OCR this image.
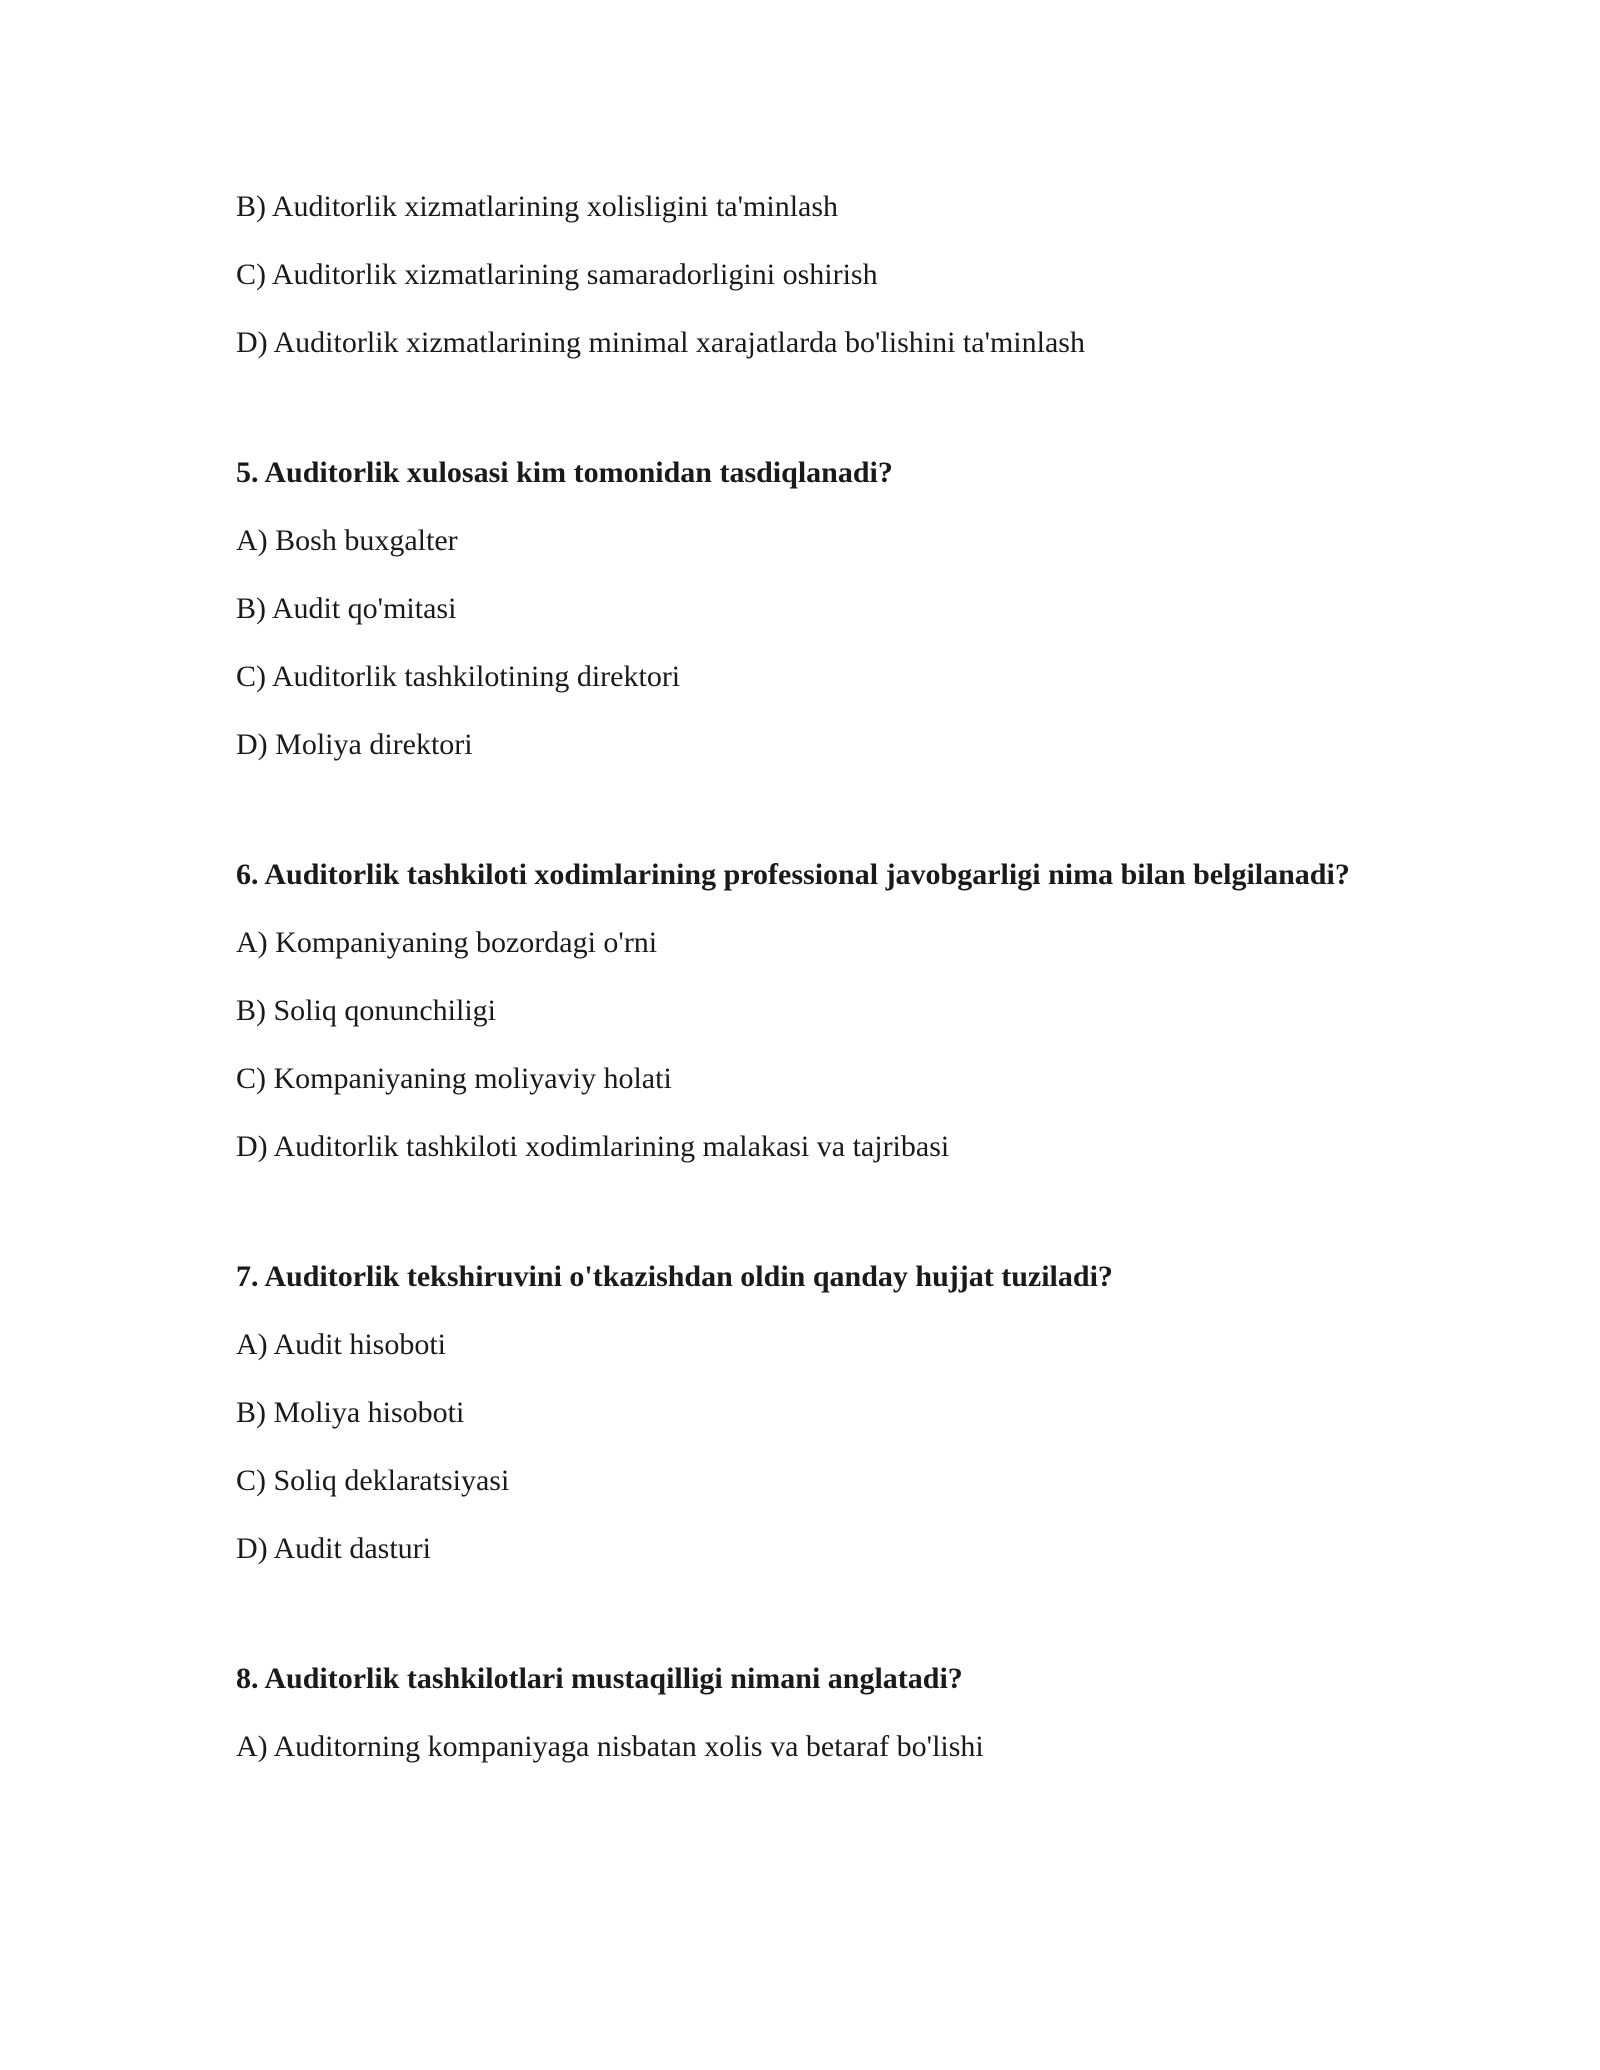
B) Auditorlik xizmatlarining xolisligini ta'minlash

C) Auditorlik xizmatlarining samaradorligini oshirish

D) Auditorlik xizmatlarining minimal xarajatlarda bo'lishini ta'minlash

5. Auditorlik xulosasi kim tomonidan tasdiqlanadi?

A) Bosh buxgalter

B) Audit qo'mitasi

C) Auditorlik tashkilotining direktori

D) Moliya direktori

6. Auditorlik tashkiloti xodimlarining professional javobgarligi nima bilan belgilanadi?

A) Kompaniyaning bozordagi o'rni

B) Soliq qonunchiligi

C) Kompaniyaning moliyaviy holati

D) Auditorlik tashkiloti xodimlarining malakasi va tajribasi

7. Auditorlik tekshiruvini o'tkazishdan oldin qanday hujjat tuziladi?

A) Audit hisoboti

B) Moliya hisoboti

C) Soliq deklaratsiyasi

D) Audit dasturi

8. Auditorlik tashkilotlari mustaqilligi nimani anglatadi?

A) Auditorning kompaniyaga nisbatan xolis va betaraf bo'lishi
